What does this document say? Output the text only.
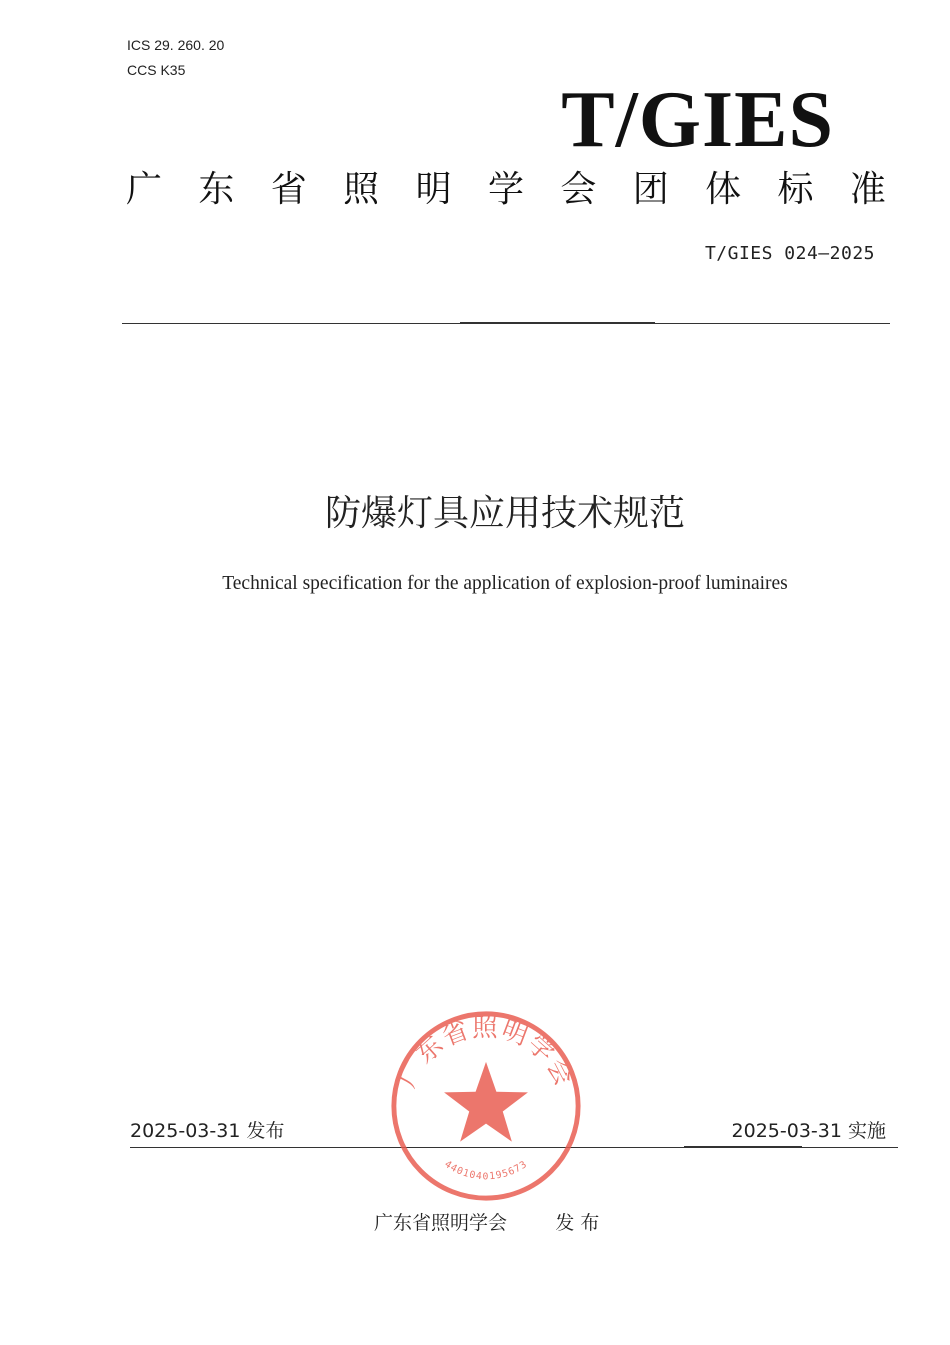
ICS 29. 260. 20
CCS K35
T/GIES
广 东 省 照 明 学 会 团 体 标 准
T/GIES 024—2025
防爆灯具应用技术规范
Technical specification for the application of explosion-proof luminaires
2025-03-31 发布	2025-03-31 实施
广东省照明学会	发 布
广东省照明学会
4401040195673
